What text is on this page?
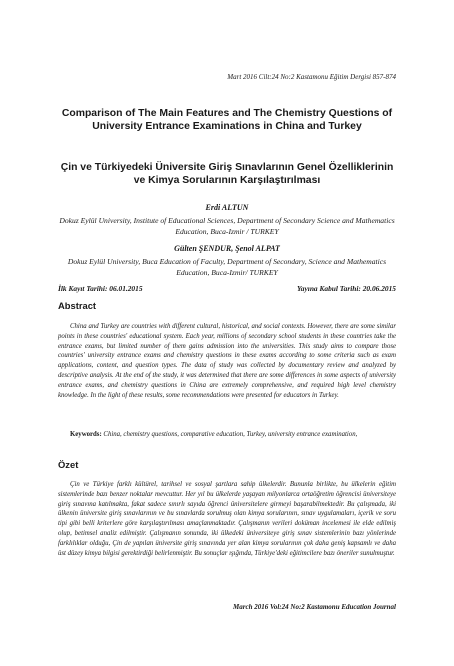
Mart 2016 Cilt:24 No:2 Kastamonu Eğitim Dergisi 857-874
Comparison of The Main Features and The Chemistry Questions of University Entrance Examinations in China and Turkey
Çin ve Türkiyedeki Üniversite Giriş Sınavlarının Genel Özelliklerinin ve Kimya Sorularının Karşılaştırılması
Erdi ALTUN
Dokuz Eylül University, Institute of Educational Sciences, Department of Secondary Science and Mathematics Education, Buca-Izmir / TURKEY
Gülten ŞENDUR, Şenol ALPAT
Dokuz Eylül University, Buca Education of Faculty, Department of Secondary, Science and Mathematics Education, Buca-Izmir/ TURKEY
İlk Kayıt Tarihi: 06.01.2015	Yayına Kabul Tarihi: 20.06.2015
Abstract

China and Turkey are countries with different cultural, historical, and social contexts. However, there are some similar points in these countries' educational system. Each year, millions of secondary school students in these countries take the entrance exams, but limited number of them gains admission into the universities. This study aims to compare those countries' university entrance exams and chemistry questions in these exams according to some criteria such as exam applications, content, and question types. The data of study was collected by documentary review and analyzed by descriptive analysis. At the end of the study, it was determined that there are some differences in some aspects of university entrance exams, and chemistry questions in China are extremely comprehensive, and required high level chemistry knowledge. In the light of these results, some recommendations were presented for educators in Turkey.

Keywords: China, chemistry questions, comparative education, Turkey, university entrance examination,

Özet

Çin ve Türkiye farklı kültürel, tarihsel ve sosyal şartlara sahip ülkelerdir. Bununla birlikte, bu ülkelerin eğitim sistemlerinde bazı benzer noktalar mevcuttur. Her yıl bu ülkelerde yaşayan milyonlarca ortaöğretim öğrencisi üniversiteye giriş sınavına katılmakta, fakat sadece sınırlı sayıda öğrenci üniversitelere girmeyi başarabilmektedir. Bu çalışmada, iki ülkenin üniversite giriş sınavlarının ve bu sınavlarda sorulmuş olan kimya sorularının, sınav uygulamaları, içerik ve soru tipi gibi belli kriterlere göre karşılaştırılması amaçlanmaktadır. Çalışmanın verileri doküman incelemesi ile elde edilmiş olup, betimsel analiz edilmiştir. Çalışmanın sonunda, iki ülkedeki üniversiteye giriş sınav sistemlerinin bazı yönlerinde farklılıklar olduğu, Çin de yapılan üniversite giriş sınavında yer alan kimya sorularının çok daha geniş kapsamlı ve daha üst düzey kimya bilgisi gerektirdiği belirlenmiştir. Bu sonuçlar ışığında, Türkiye'deki eğitimcilere bazı öneriler sunulmuştur.

March 2016 Vol:24 No:2 Kastamonu Education Journal
